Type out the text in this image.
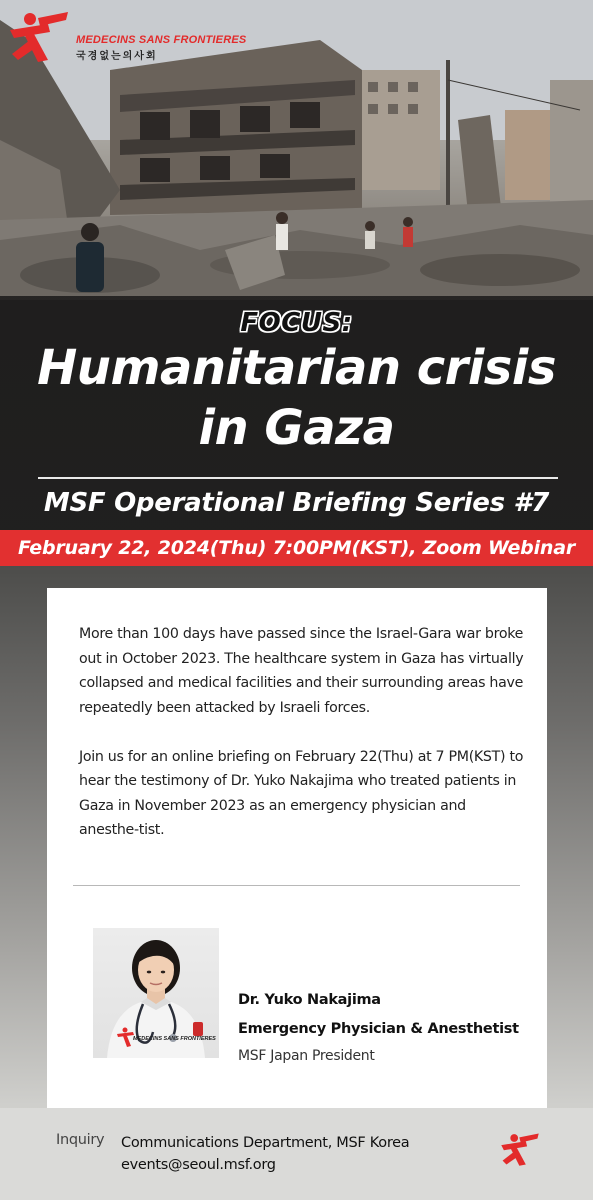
MEDECINS SANS FRONTIERES
국경없는의사회
FOCUS:
Humanitarian crisis
in Gaza
MSF Operational Briefing Series #7
February 22, 2024(Thu) 7:00PM(KST), Zoom Webinar

More than 100 days have passed since the Israel-Gara war broke out in October 2023. The healthcare system in Gaza has virtually collapsed and medical facilities and their surrounding areas have repeatedly been attacked by Israeli forces.

Join us for an online briefing on February 22(Thu) at 7 PM(KST) to hear the testimony of Dr. Yuko Nakajima who treated patients in Gaza in November 2023 as an emergency physician and anesthe-tist.

MEDECINS SANS FRONTIERES
Dr. Yuko Nakajima
Emergency Physician & Anesthetist
MSF Japan President
Inquiry Communications Department, MSF Korea
events@seoul.msf.org
